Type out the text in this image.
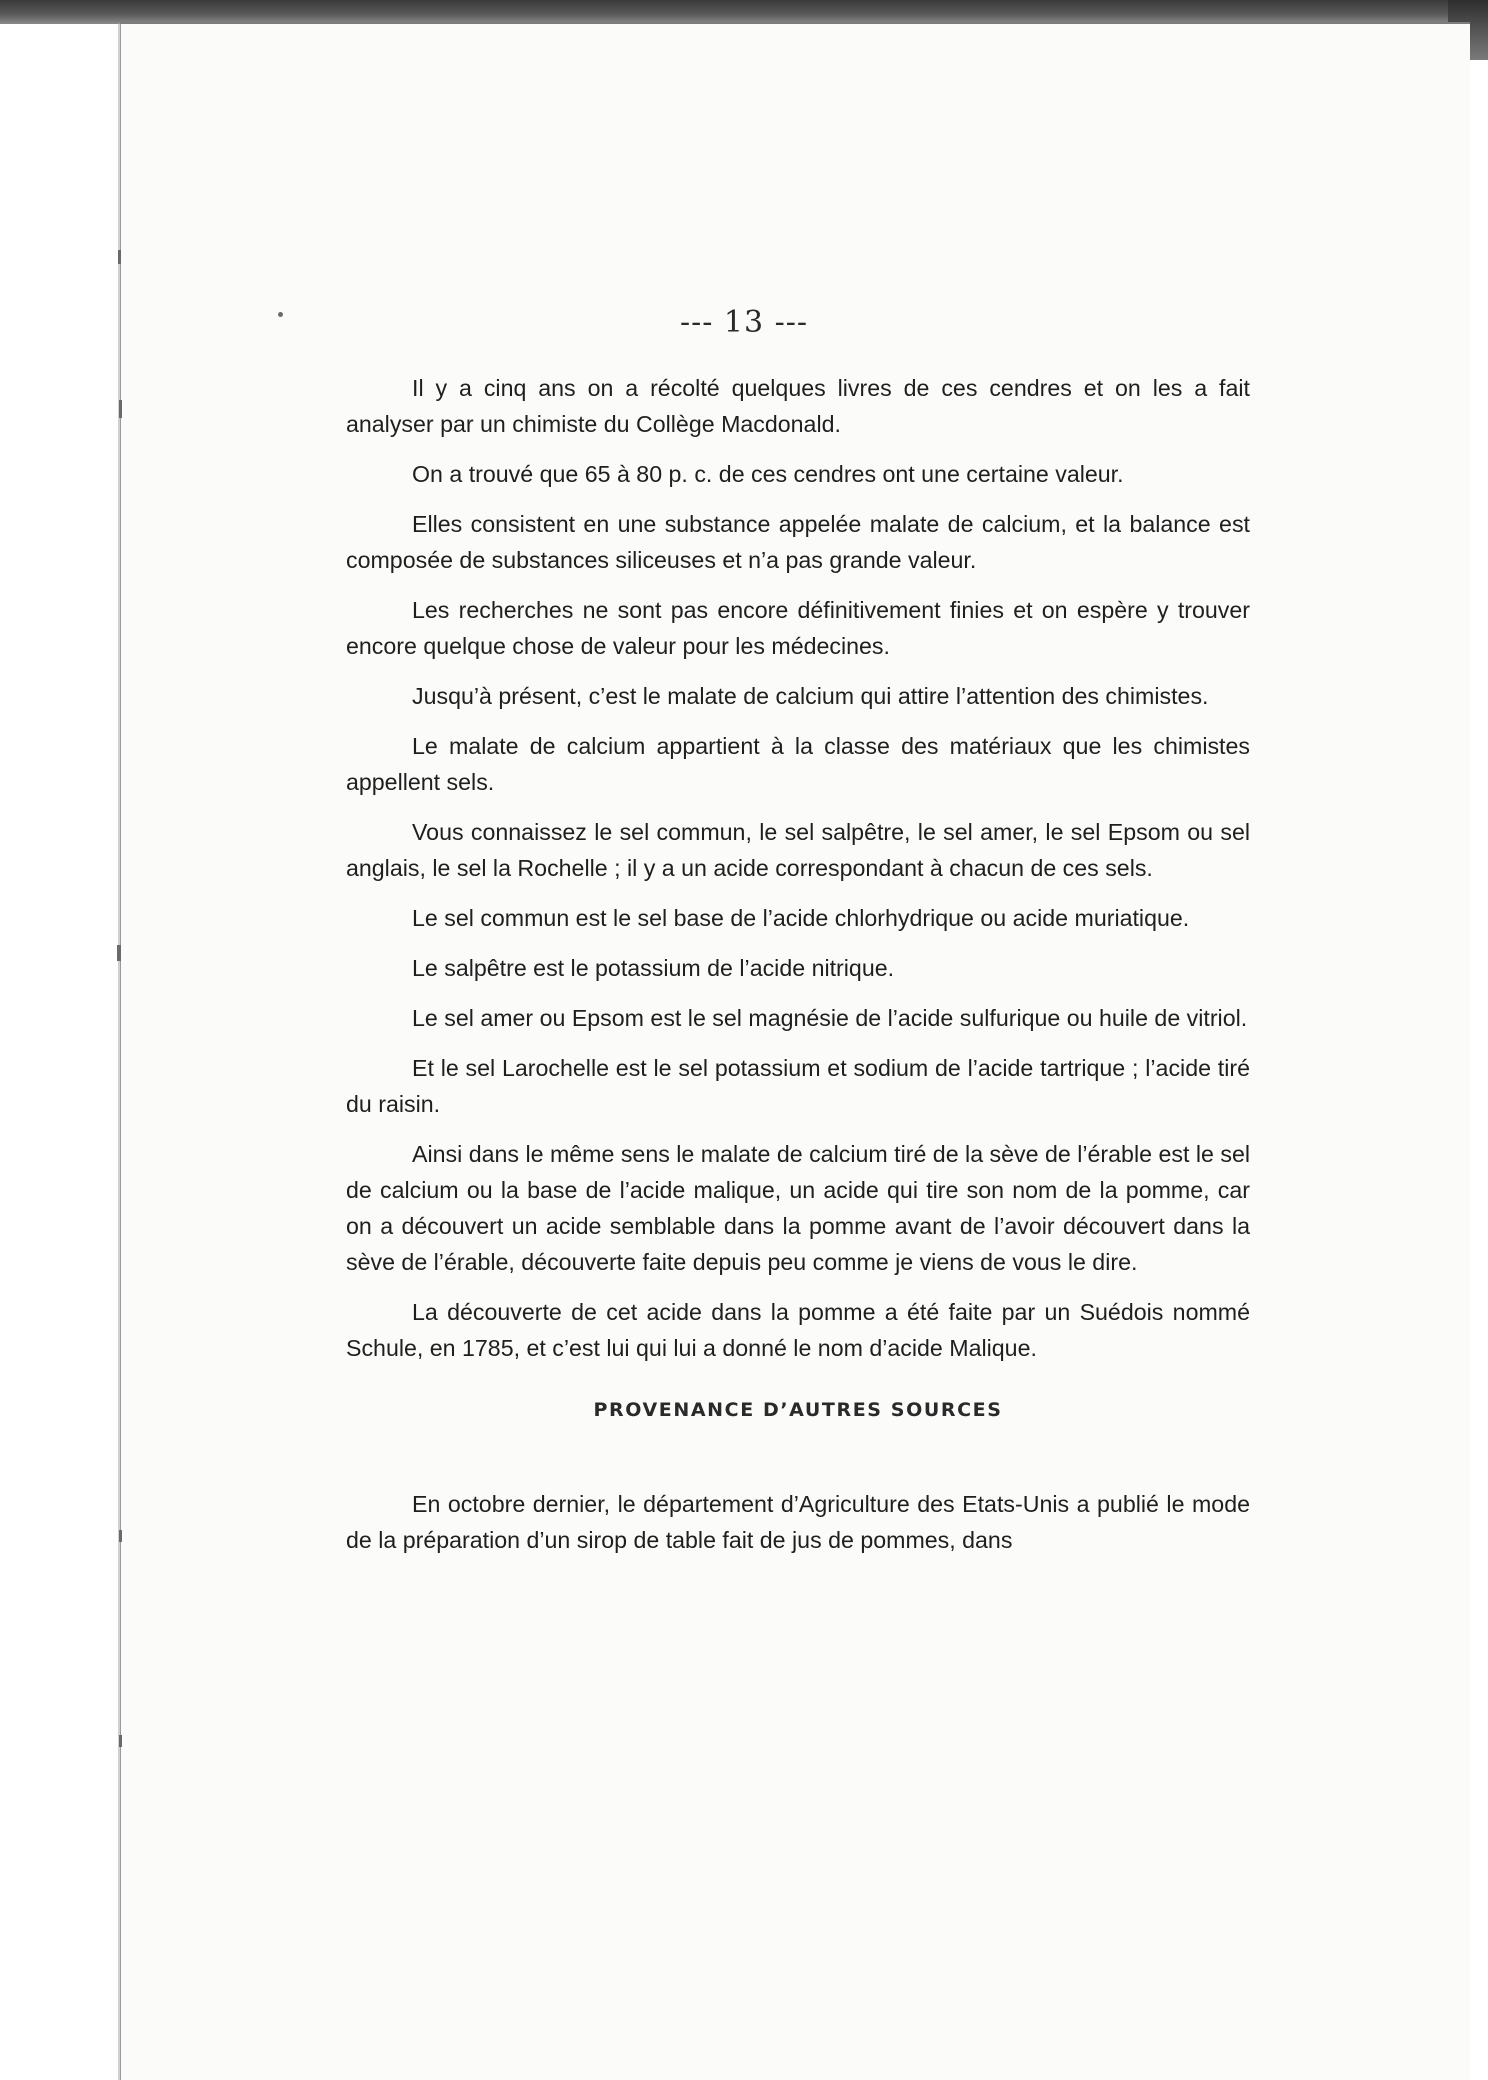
--- 13 ---

Il y a cinq ans on a récolté quelques livres de ces cendres et on les a fait analyser par un chimiste du Collège Macdonald.

On a trouvé que 65 à 80 p. c. de ces cendres ont une certaine valeur.

Elles consistent en une substance appelée malate de calcium, et la balance est composée de substances siliceuses et n’a pas grande valeur.

Les recherches ne sont pas encore définitivement finies et on espère y trouver encore quelque chose de valeur pour les médecines.

Jusqu’à présent, c’est le malate de calcium qui attire l’attention des chimistes.

Le malate de calcium appartient à la classe des matériaux que les chimistes appellent sels.

Vous connaissez le sel commun, le sel salpêtre, le sel amer, le sel Epsom ou sel anglais, le sel la Rochelle ; il y a un acide correspondant à chacun de ces sels.

Le sel commun est le sel base de l’acide chlorhydrique ou acide muriatique.

Le salpêtre est le potassium de l’acide nitrique.

Le sel amer ou Epsom est le sel magnésie de l’acide sulfurique ou huile de vitriol.

Et le sel Larochelle est le sel potassium et sodium de l’acide tartrique ; l’acide tiré du raisin.

Ainsi dans le même sens le malate de calcium tiré de la sève de l’érable est le sel de calcium ou la base de l’acide malique, un acide qui tire son nom de la pomme, car on a découvert un acide semblable dans la pomme avant de l’avoir découvert dans la sève de l’érable, découverte faite depuis peu comme je viens de vous le dire.

La découverte de cet acide dans la pomme a été faite par un Suédois nommé Schule, en 1785, et c’est lui qui lui a donné le nom d’acide Malique.

PROVENANCE D’AUTRES SOURCES

En octobre dernier, le département d’Agriculture des Etats-Unis a publié le mode de la préparation d’un sirop de table fait de jus de pommes, dans
